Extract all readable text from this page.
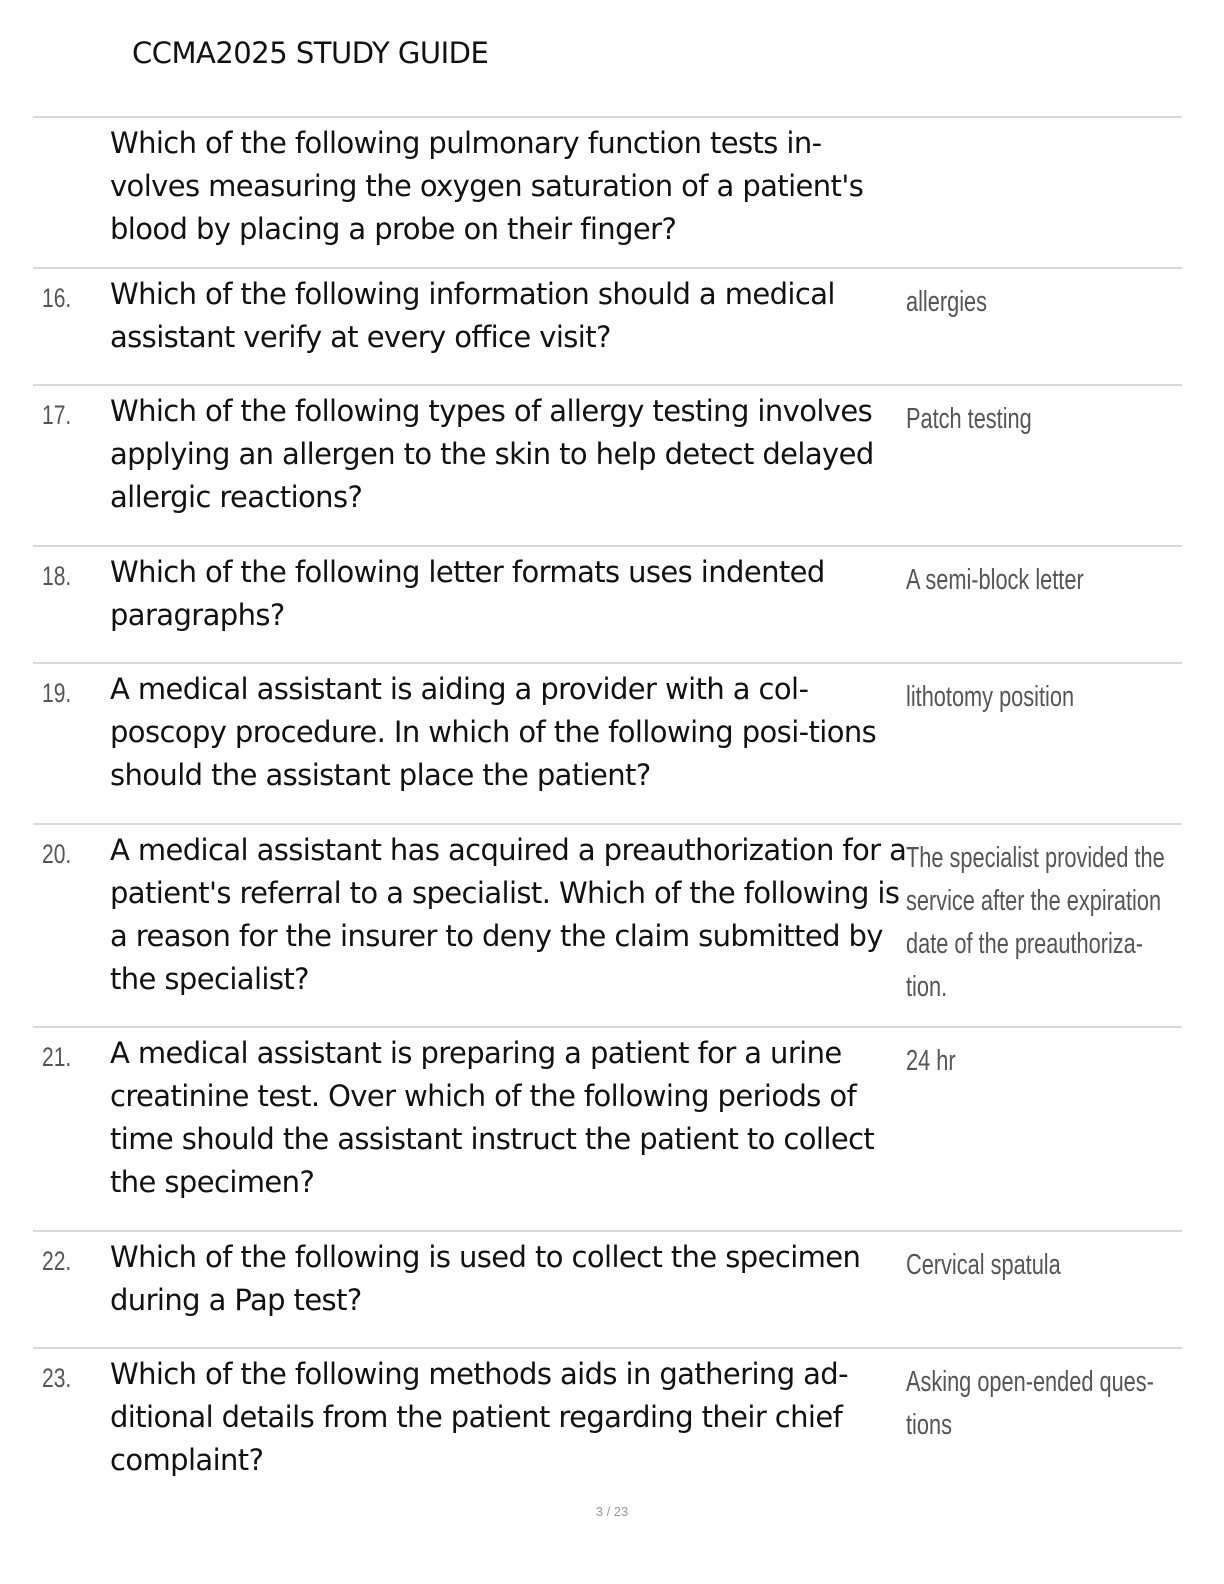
CCMA2025 STUDY GUIDE
Which of the following pulmonary function tests in-volves measuring the oxygen saturation of a patient's blood by placing a probe on their finger?
16. Which of the following information should a medical assistant verify at every office visit?
allergies
17. Which of the following types of allergy testing involves applying an allergen to the skin to help detect delayed allergic reactions?
Patch testing
18. Which of the following letter formats uses indented paragraphs?
A semi-block letter
19. A medical assistant is aiding a provider with a col-poscopy procedure. In which of the following posi-tions should the assistant place the patient?
lithotomy position
20. A medical assistant has acquired a preauthorization for a patient's referral to a specialist. Which of the following is a reason for the insurer to deny the claim submitted by the specialist?
The specialist provided the service after the expiration date of the preauthoriza-tion.
21. A medical assistant is preparing a patient for a urine creatinine test. Over which of the following periods of time should the assistant instruct the patient to collect the specimen?
24 hr
22. Which of the following is used to collect the specimen during a Pap test?
Cervical spatula
23. Which of the following methods aids in gathering ad-ditional details from the patient regarding their chief complaint?
Asking open-ended ques-tions
3 / 23
